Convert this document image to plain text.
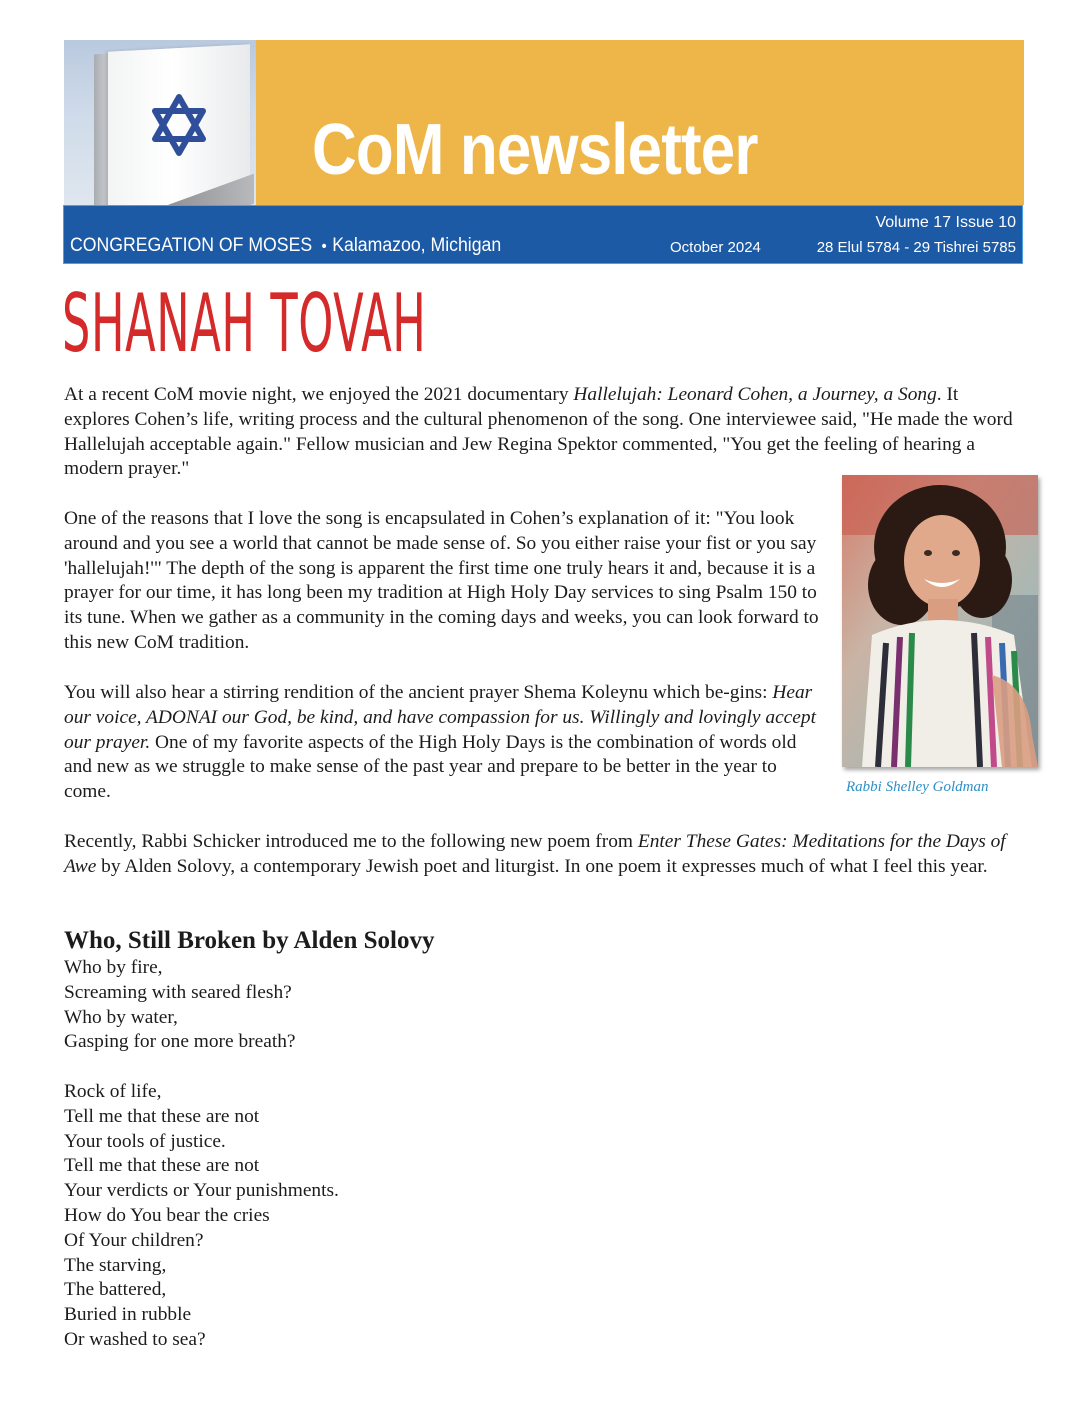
CoM newsletter
CONGREGATION OF MOSES • Kalamazoo, Michigan
Volume 17 Issue 10
October 2024	28 Elul 5784 - 29 Tishrei 5785
SHANAH TOVAH

At a recent CoM movie night, we enjoyed the 2021 documentary Hallelujah: Leonard Cohen, a Journey, a Song. It explores Cohen’s life, writing process and the cultural phenomenon of the song. One interviewee said, "He made the word Hallelujah acceptable again." Fellow musician and Jew Regina Spektor commented, "You get the feeling of hearing a modern prayer."

One of the reasons that I love the song is encapsulated in Cohen’s explanation of it: "You look around and you see a world that cannot be made sense of. So you either raise your fist or you say 'hallelujah!'" The depth of the song is apparent the first time one truly hears it and, because it is a prayer for our time, it has long been my tradition at High Holy Day services to sing Psalm 150 to its tune. When we gather as a community in the coming days and weeks, you can look forward to this new CoM tradition.

You will also hear a stirring rendition of the ancient prayer Shema Koleynu which be-gins: Hear our voice, ADONAI our God, be kind, and have compassion for us. Willingly and lovingly accept our prayer. One of my favorite aspects of the High Holy Days is the combination of words old and new as we struggle to make sense of the past year and prepare to be better in the year to come.

Recently, Rabbi Schicker introduced me to the following new poem from Enter These Gates: Meditations for the Days of Awe by Alden Solovy, a contemporary Jewish poet and liturgist. In one poem it expresses much of what I feel this year.

Rabbi Shelley Goldman

Who, Still Broken by Alden Solovy
Who by fire,
Screaming with seared flesh?
Who by water,
Gasping for one more breath?
Rock of life,
Tell me that these are not
Your tools of justice.
Tell me that these are not
Your verdicts or Your punishments.
How do You bear the cries
Of Your children?
The starving,
The battered,
Buried in rubble
Or washed to sea?
